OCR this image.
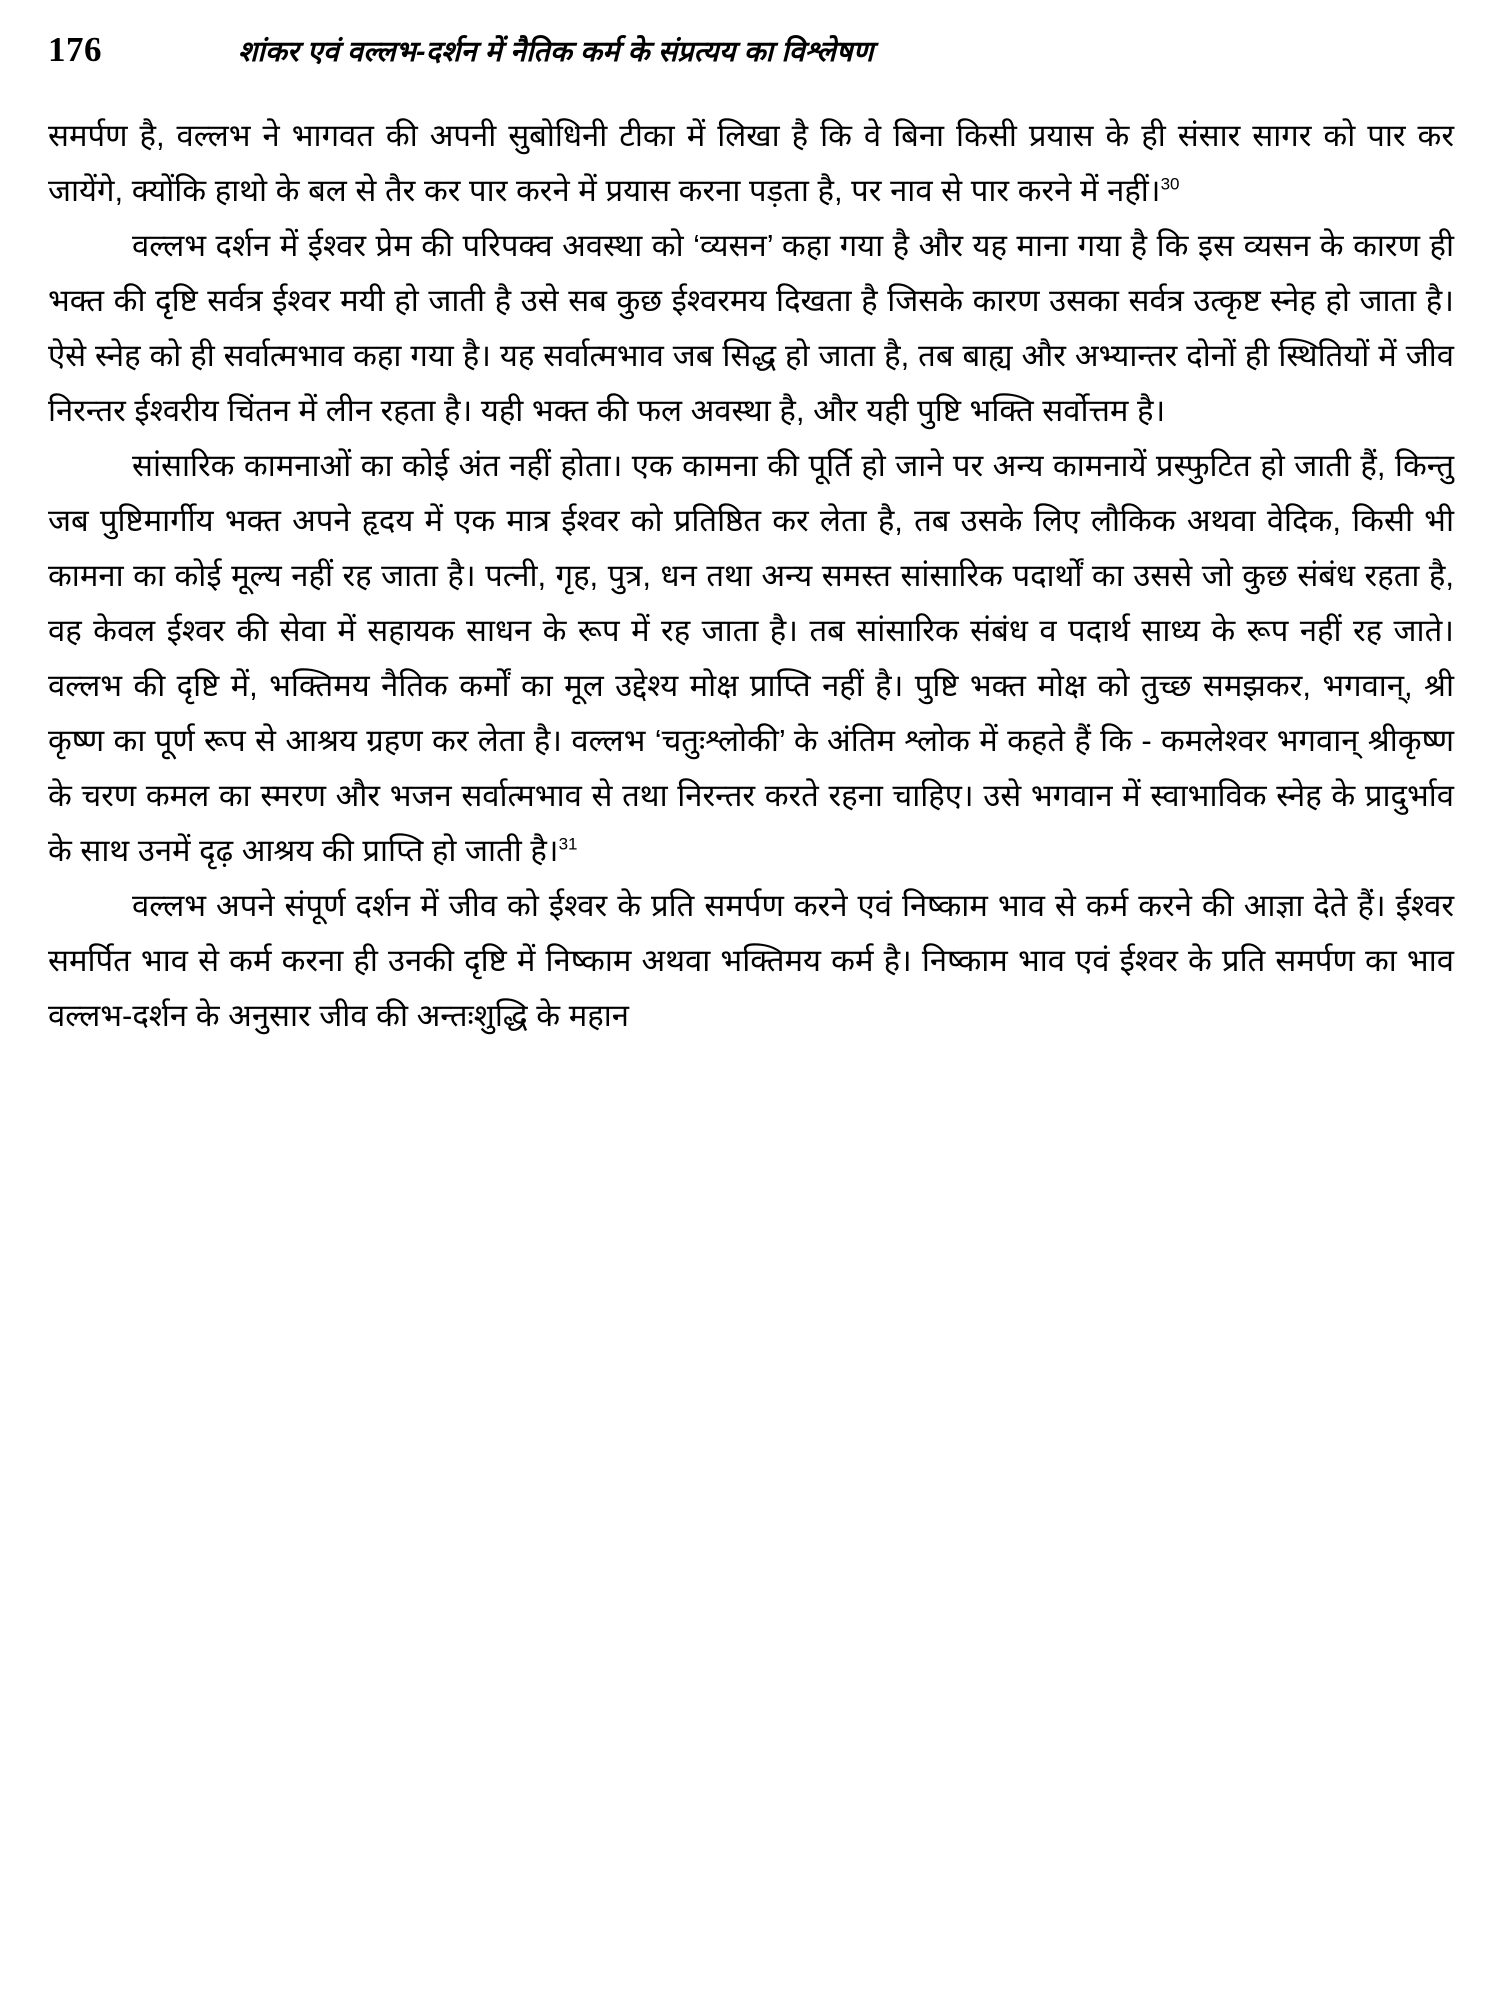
176	शांकर एवं वल्लभ-दर्शन में नैतिक कर्म के संप्रत्यय का विश्लेषण

समर्पण है, वल्लभ ने भागवत की अपनी सुबोधिनी टीका में लिखा है कि वे बिना किसी प्रयास के ही संसार सागर को पार कर जायेंगे, क्योंकि हाथो के बल से तैर कर पार करने में प्रयास करना पड़ता है, पर नाव से पार करने में नहीं।$^{30}$

वल्लभ दर्शन में ईश्वर प्रेम की परिपक्व अवस्था को ‘व्यसन’ कहा गया है और यह माना गया है कि इस व्यसन के कारण ही भक्त की दृष्टि सर्वत्र ईश्वर मयी हो जाती है उसे सब कुछ ईश्वरमय दिखता है जिसके कारण उसका सर्वत्र उत्कृष्ट स्नेह हो जाता है। ऐसे स्नेह को ही सर्वात्मभाव कहा गया है। यह सर्वात्मभाव जब सिद्ध हो जाता है, तब बाह्य और अभ्यान्तर दोनों ही स्थितियों में जीव निरन्तर ईश्वरीय चिंतन में लीन रहता है। यही भक्त की फल अवस्था है, और यही पुष्टि भक्ति सर्वोत्तम है।

सांसारिक कामनाओं का कोई अंत नहीं होता। एक कामना की पूर्ति हो जाने पर अन्य कामनायें प्रस्फुटित हो जाती हैं, किन्तु जब पुष्टिमार्गीय भक्त अपने हृदय में एक मात्र ईश्वर को प्रतिष्ठित कर लेता है, तब उसके लिए लौकिक अथवा वेदिक, किसी भी कामना का कोई मूल्य नहीं रह जाता है। पत्नी, गृह, पुत्र, धन तथा अन्य समस्त सांसारिक पदार्थों का उससे जो कुछ संबंध रहता है, वह केवल ईश्वर की सेवा में सहायक साधन के रूप में रह जाता है। तब सांसारिक संबंध व पदार्थ साध्य के रूप नहीं रह जाते। वल्लभ की दृष्टि में, भक्तिमय नैतिक कर्मों का मूल उद्देश्य मोक्ष प्राप्ति नहीं है। पुष्टि भक्त मोक्ष को तुच्छ समझकर, भगवान्, श्री कृष्ण का पूर्ण रूप से आश्रय ग्रहण कर लेता है। वल्लभ ‘चतुःश्लोकी’ के अंतिम श्लोक में कहते हैं कि - कमलेश्वर भगवान् श्रीकृष्ण के चरण कमल का स्मरण और भजन सर्वात्मभाव से तथा निरन्तर करते रहना चाहिए। उसे भगवान में स्वाभाविक स्नेह के प्रादुर्भाव के साथ उनमें दृढ़ आश्रय की प्राप्ति हो जाती है।$^{31}$

वल्लभ अपने संपूर्ण दर्शन में जीव को ईश्वर के प्रति समर्पण करने एवं निष्काम भाव से कर्म करने की आज्ञा देते हैं। ईश्वर समर्पित भाव से कर्म करना ही उनकी दृष्टि में निष्काम अथवा भक्तिमय कर्म है। निष्काम भाव एवं ईश्वर के प्रति समर्पण का भाव वल्लभ-दर्शन के अनुसार जीव की अन्तःशुद्धि के महान
